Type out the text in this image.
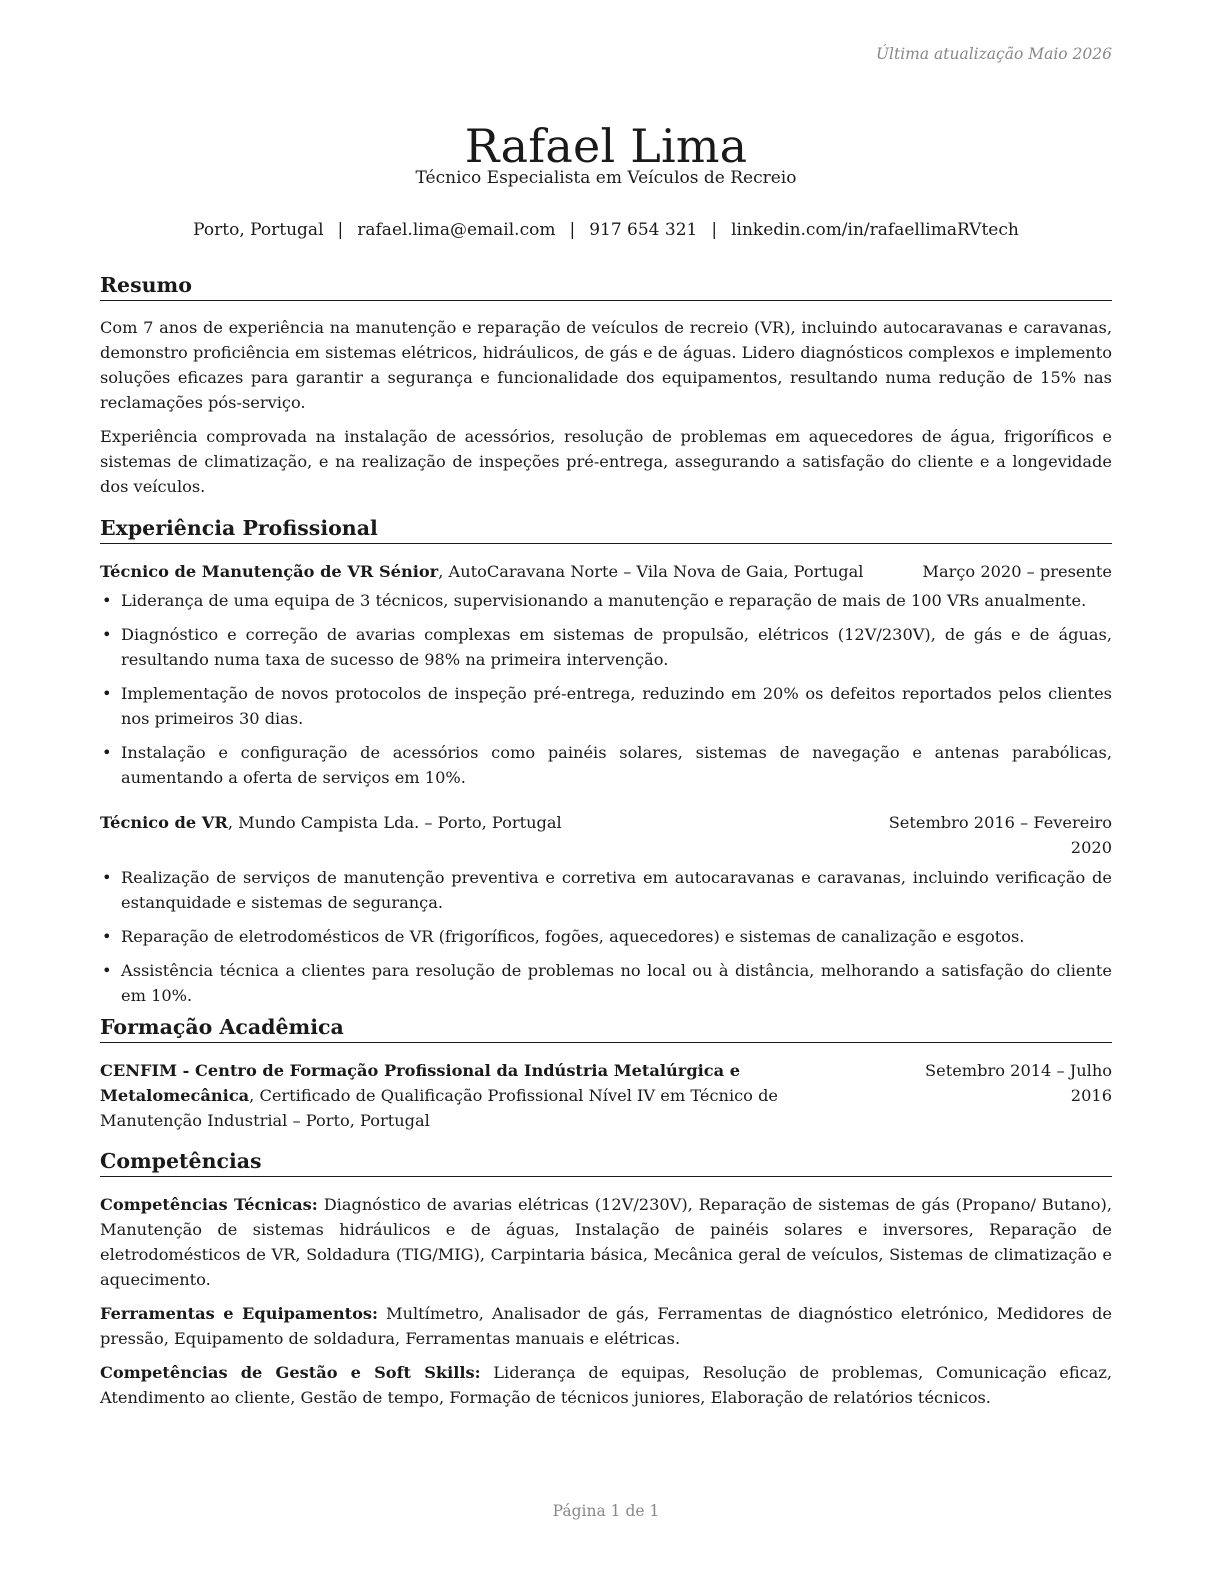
Última atualização Maio 2026
Rafael Lima
Técnico Especialista em Veículos de Recreio
Porto, Portugal | rafael.lima@email.com | 917 654 321 | linkedin.com/in/rafaellimaRVtech
Resumo

Com 7 anos de experiência na manutenção e reparação de veículos de recreio (VR), incluindo autocaravanas e caravanas, demonstro proficiência em sistemas elétricos, hidráulicos, de gás e de águas. Lidero diagnósticos complexos e implemento soluções eficazes para garantir a segurança e funcionalidade dos equipamentos, resultando numa redução de 15% nas reclamações pós-serviço.

Experiência comprovada na instalação de acessórios, resolução de problemas em aquecedores de água, frigoríficos e sistemas de climatização, e na realização de inspeções pré-entrega, assegurando a satisfação do cliente e a longevidade dos veículos.

Experiência Profissional
Técnico de Manutenção de VR Sénior, AutoCaravana Norte – Vila Nova de Gaia, Portugal	Março 2020 – presente
• Liderança de uma equipa de 3 técnicos, supervisionando a manutenção e reparação de mais de 100 VRs anualmente.
• Diagnóstico e correção de avarias complexas em sistemas de propulsão, elétricos (12V/230V), de gás e de águas, resultando numa taxa de sucesso de 98% na primeira intervenção.
• Implementação de novos protocolos de inspeção pré-entrega, reduzindo em 20% os defeitos reportados pelos clientes nos primeiros 30 dias.
• Instalação e configuração de acessórios como painéis solares, sistemas de navegação e antenas parabólicas, aumentando a oferta de serviços em 10%.
Técnico de VR, Mundo Campista Lda. – Porto, Portugal	Setembro 2016 – Fevereiro
2020
• Realização de serviços de manutenção preventiva e corretiva em autocaravanas e caravanas, incluindo verificação de estanquidade e sistemas de segurança.
• Reparação de eletrodomésticos de VR (frigoríficos, fogões, aquecedores) e sistemas de canalização e esgotos.
• Assistência técnica a clientes para resolução de problemas no local ou à distância, melhorando a satisfação do cliente em 10%.
Formação Acadêmica
CENFIM - Centro de Formação Profissional da Indústria Metalúrgica e Metalomecânica, Certificado de Qualificação Profissional Nível IV em Técnico de Manutenção Industrial – Porto, Portugal
Setembro 2014 – Julho
2016
Competências

Competências Técnicas: Diagnóstico de avarias elétricas (12V/230V), Reparação de sistemas de gás (Propano/ Butano), Manutenção de sistemas hidráulicos e de águas, Instalação de painéis solares e inversores, Reparação de eletrodomésticos de VR, Soldadura (TIG/MIG), Carpintaria básica, Mecânica geral de veículos, Sistemas de climatização e aquecimento.

Ferramentas e Equipamentos: Multímetro, Analisador de gás, Ferramentas de diagnóstico eletrónico, Medidores de pressão, Equipamento de soldadura, Ferramentas manuais e elétricas.

Competências de Gestão e Soft Skills: Liderança de equipas, Resolução de problemas, Comunicação eficaz, Atendimento ao cliente, Gestão de tempo, Formação de técnicos juniores, Elaboração de relatórios técnicos.

Página 1 de 1
